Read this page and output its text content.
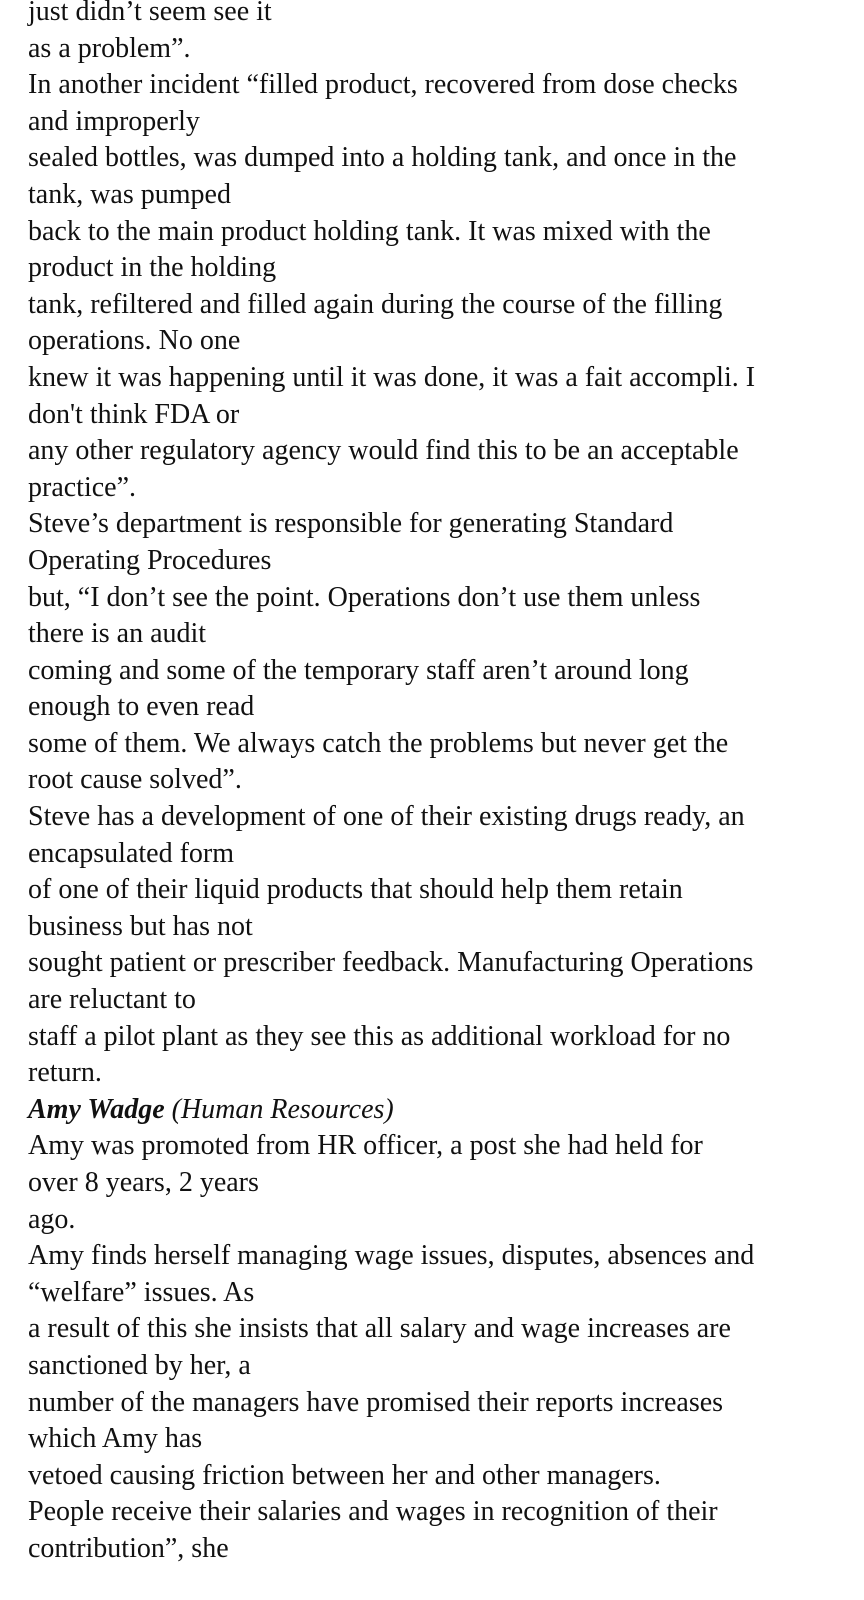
just didn’t seem see it
as a problem”.
In another incident “filled product, recovered from dose checks
and improperly
sealed bottles, was dumped into a holding tank, and once in the
tank, was pumped
back to the main product holding tank. It was mixed with the
product in the holding
tank, refiltered and filled again during the course of the filling
operations. No one
knew it was happening until it was done, it was a fait accompli. I
don't think FDA or
any other regulatory agency would find this to be an acceptable
practice”.
Steve’s department is responsible for generating Standard
Operating Procedures
but, “I don’t see the point. Operations don’t use them unless
there is an audit
coming and some of the temporary staff aren’t around long
enough to even read
some of them. We always catch the problems but never get the
root cause solved”.
Steve has a development of one of their existing drugs ready, an
encapsulated form
of one of their liquid products that should help them retain
business but has not
sought patient or prescriber feedback. Manufacturing Operations
are reluctant to
staff a pilot plant as they see this as additional workload for no
return.
Amy Wadge (Human Resources)
Amy was promoted from HR officer, a post she had held for
over 8 years, 2 years
ago.
Amy finds herself managing wage issues, disputes, absences and
“welfare” issues. As
a result of this she insists that all salary and wage increases are
sanctioned by her, a
number of the managers have promised their reports increases
which Amy has
vetoed causing friction between her and other managers.
People receive their salaries and wages in recognition of their
contribution”, she
